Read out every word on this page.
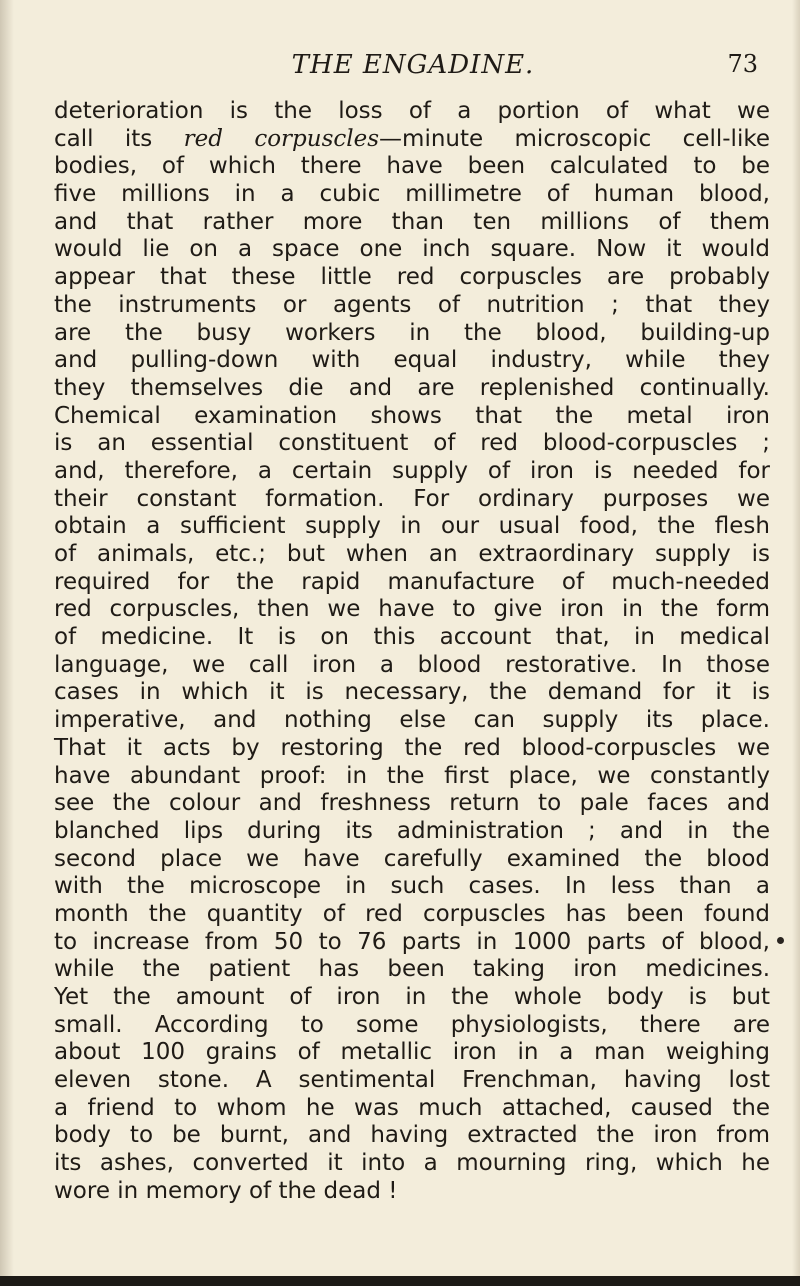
THE ENGADINE.	73
deterioration is the loss of a portion of what we
call its red corpuscles—minute microscopic cell-like
bodies, of which there have been calculated to be
five millions in a cubic millimetre of human blood,
and that rather more than ten millions of them
would lie on a space one inch square. Now it would
appear that these little red corpuscles are probably
the instruments or agents of nutrition ; that they
are the busy workers in the blood, building-up
and pulling-down with equal industry, while they
they themselves die and are replenished continually.
Chemical examination shows that the metal iron
is an essential constituent of red blood-corpuscles ;
and, therefore, a certain supply of iron is needed for
their constant formation. For ordinary purposes we
obtain a sufficient supply in our usual food, the flesh
of animals, etc.; but when an extraordinary supply is
required for the rapid manufacture of much-needed
red corpuscles, then we have to give iron in the form
of medicine. It is on this account that, in medical
language, we call iron a blood restorative. In those
cases in which it is necessary, the demand for it is
imperative, and nothing else can supply its place.
That it acts by restoring the red blood-corpuscles we
have abundant proof: in the first place, we constantly
see the colour and freshness return to pale faces and
blanched lips during its administration ; and in the
second place we have carefully examined the blood
with the microscope in such cases. In less than a
month the quantity of red corpuscles has been found
to increase from 50 to 76 parts in 1000 parts of blood,
while the patient has been taking iron medicines.
Yet the amount of iron in the whole body is but
small. According to some physiologists, there are
about 100 grains of metallic iron in a man weighing
eleven stone. A sentimental Frenchman, having lost
a friend to whom he was much attached, caused the
body to be burnt, and having extracted the iron from
its ashes, converted it into a mourning ring, which he
wore in memory of the dead !
